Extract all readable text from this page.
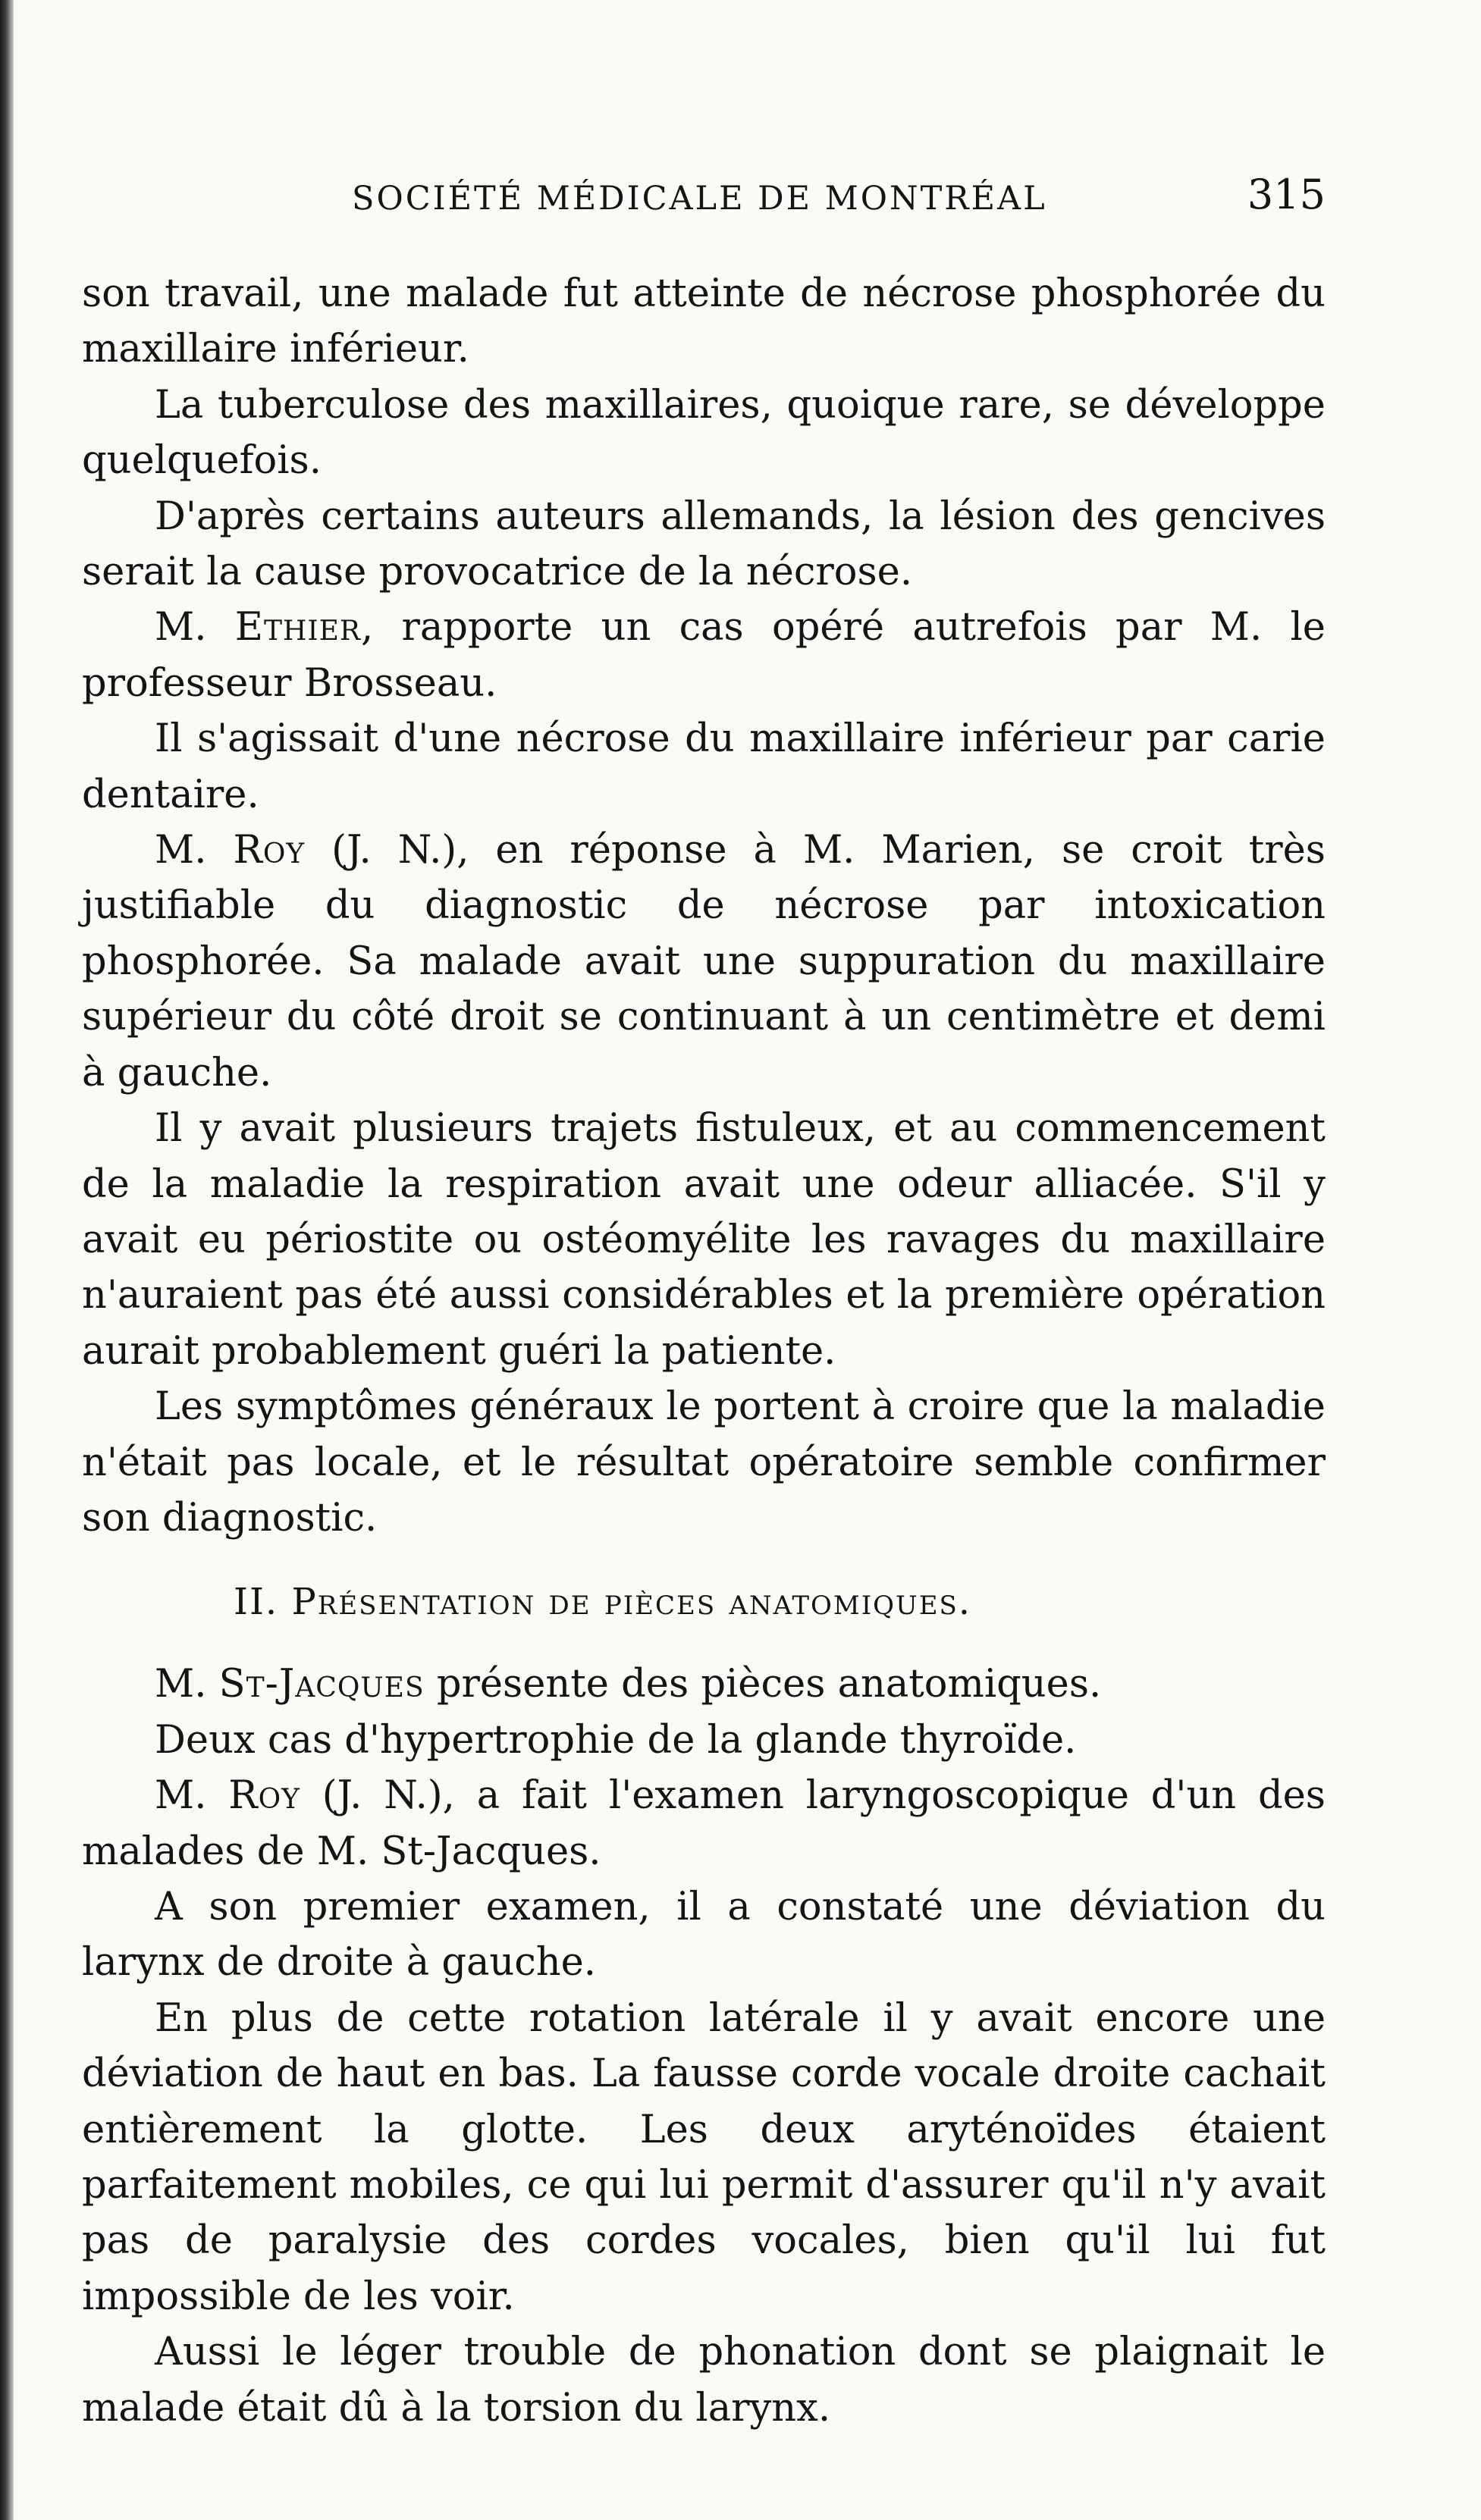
SOCIÉTÉ MÉDICALE DE MONTRÉAL	315

son travail, une malade fut atteinte de nécrose phosphorée du maxillaire inférieur.

La tuberculose des maxillaires, quoique rare, se développe quelquefois.

D'après certains auteurs allemands, la lésion des gencives serait la cause provocatrice de la nécrose.

M. Ethier, rapporte un cas opéré autrefois par M. le professeur Brosseau.

Il s'agissait d'une nécrose du maxillaire inférieur par carie dentaire.

M. Roy (J. N.), en réponse à M. Marien, se croit très justifiable du diagnostic de nécrose par intoxication phosphorée. Sa malade avait une suppuration du maxillaire supérieur du côté droit se continuant à un centimètre et demi à gauche.

Il y avait plusieurs trajets fistuleux, et au commencement de la maladie la respiration avait une odeur alliacée. S'il y avait eu périostite ou ostéomyélite les ravages du maxillaire n'auraient pas été aussi considérables et la première opération aurait probablement guéri la patiente.

Les symptômes généraux le portent à croire que la maladie n'était pas locale, et le résultat opératoire semble confirmer son diagnostic.

II. Présentation de pièces anatomiques.

M. St-Jacques présente des pièces anatomiques.

Deux cas d'hypertrophie de la glande thyroïde.

M. Roy (J. N.), a fait l'examen laryngoscopique d'un des malades de M. St-Jacques.

A son premier examen, il a constaté une déviation du larynx de droite à gauche.

En plus de cette rotation latérale il y avait encore une déviation de haut en bas. La fausse corde vocale droite cachait entièrement la glotte. Les deux aryténoïdes étaient parfaitement mobiles, ce qui lui permit d'assurer qu'il n'y avait pas de paralysie des cordes vocales, bien qu'il lui fut impossible de les voir.

Aussi le léger trouble de phonation dont se plaignait le malade était dû à la torsion du larynx.
